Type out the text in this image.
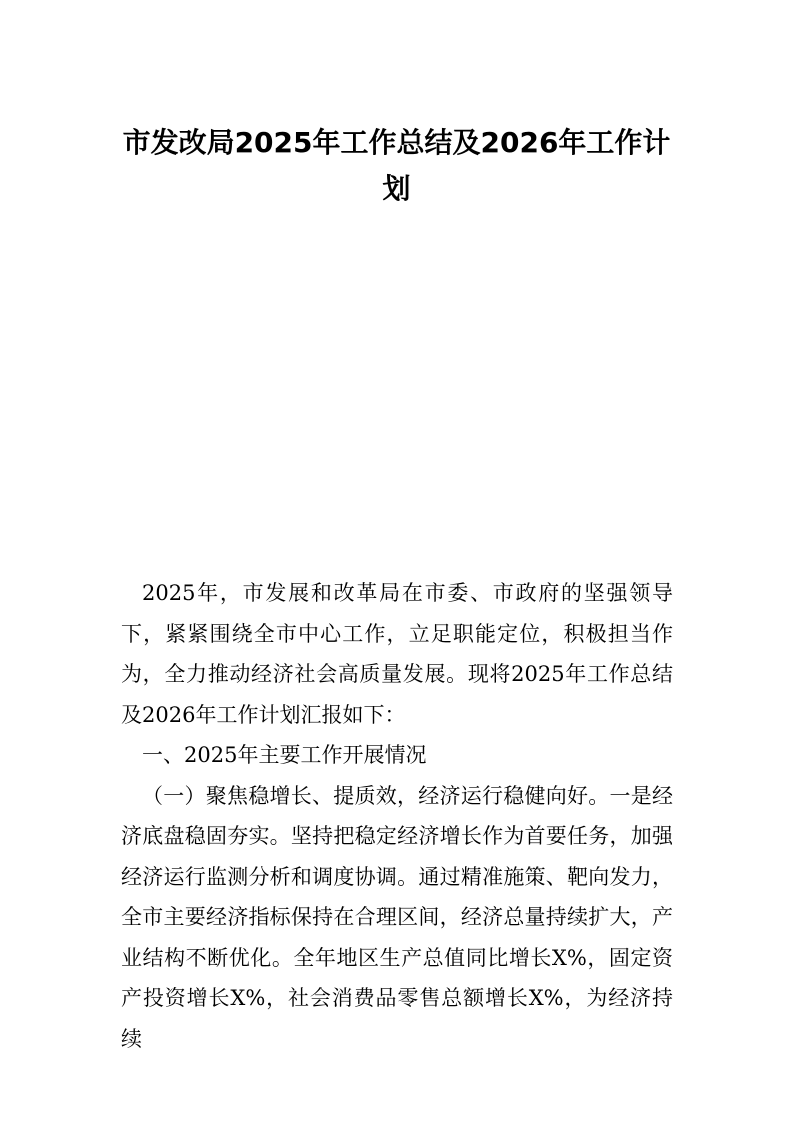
市发改局2025年工作总结及2026年工作计划

2025年，市发展和改革局在市委、市政府的坚强领导下，紧紧围绕全市中心工作，立足职能定位，积极担当作为，全力推动经济社会高质量发展。现将2025年工作总结及2026年工作计划汇报如下：

一、2025年主要工作开展情况

（一）聚焦稳增长、提质效，经济运行稳健向好。一是经济底盘稳固夯实。坚持把稳定经济增长作为首要任务，加强经济运行监测分析和调度协调。通过精准施策、靶向发力，全市主要经济指标保持在合理区间，经济总量持续扩大，产业结构不断优化。全年地区生产总值同比增长X%，固定资产投资增长X%，社会消费品零售总额增长X%，为经济持续
